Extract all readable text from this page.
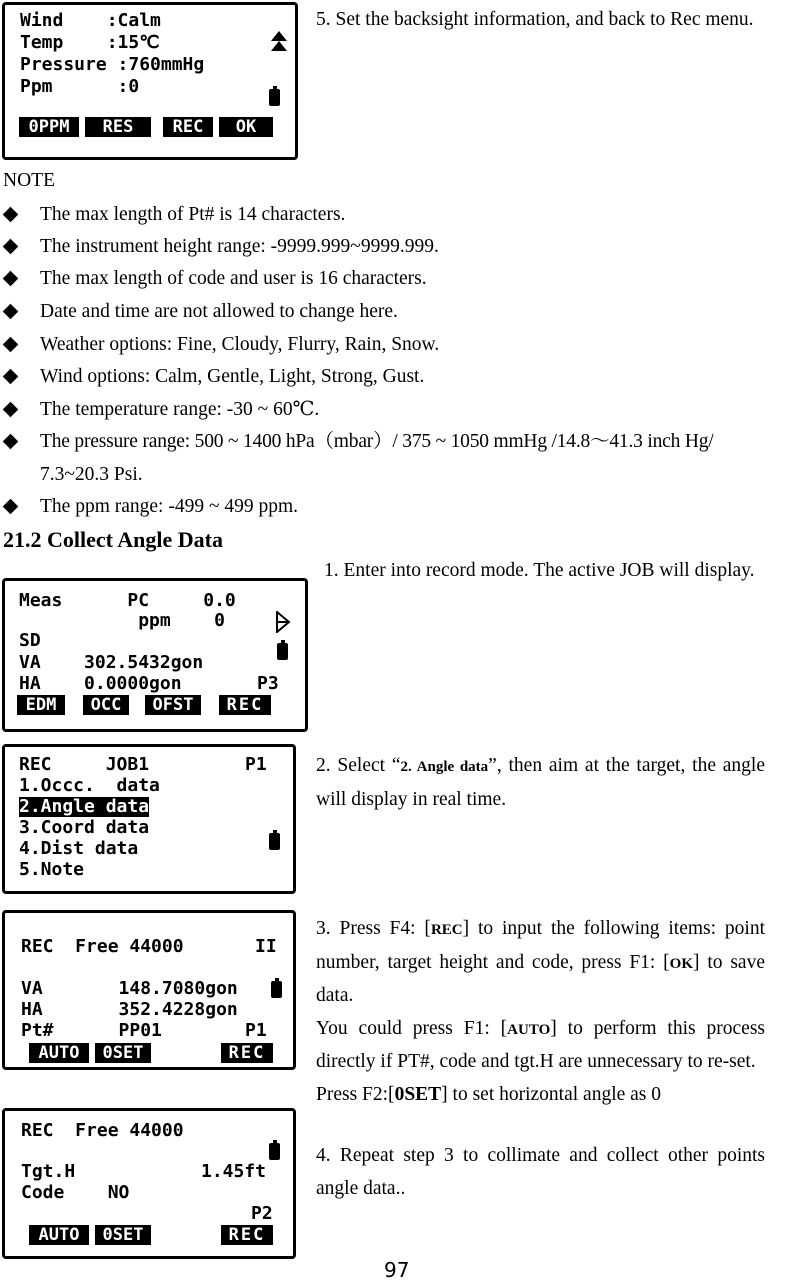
Wind    :Calm
Temp    :15℃
Pressure :760mmHg
Ppm      :0
0PPM	RES	REC	OK

5. Set the backsight information, and back to Rec menu.

NOTE
The max length of Pt# is 14 characters.
The instrument height range: -9999.999~9999.999.
The max length of code and user is 16 characters.
Date and time are not allowed to change here.
Weather options: Fine, Cloudy, Flurry, Rain, Snow.
Wind options: Calm, Gentle, Light, Strong, Gust.
The temperature range: -30 ~ 60℃.
The pressure range: 500 ~ 1400 hPa（mbar）/ 375 ~ 1050 mmHg /14.8～41.3 inch Hg/
7.3~20.3 Psi.
The ppm range: -499 ~ 499 ppm.
21.2 Collect Angle Data
Meas      PC     0.0
ppm    0
SD
VA    302.5432gon
HA    0.0000gon	P3
EDM	OCC	OFST	REC

1. Enter into record mode. The active JOB will display.

REC     JOB1	P1
1.Occc.  data
2.Angle data
3.Coord data
4.Dist data
5.Note

2. Select “2. Angle data”, then aim at the target, the angle will display in real time.

REC  Free 44000	II
VA       148.7080gon
HA       352.4228gon
Pt#      PP01	P1
AUTO	0SET	REC

3. Press F4: [REC] to input the following items: point number, target height and code, press F1: [OK] to save data.

You could press F1: [AUTO] to perform this process directly if PT#, code and tgt.H are unnecessary to re-set.

Press F2:[0SET] to set horizontal angle as 0

REC  Free 44000
Tgt.H	1.45ft
Code    NO
P2
AUTO	0SET	REC

4. Repeat step 3 to collimate and collect other points angle data..

97
